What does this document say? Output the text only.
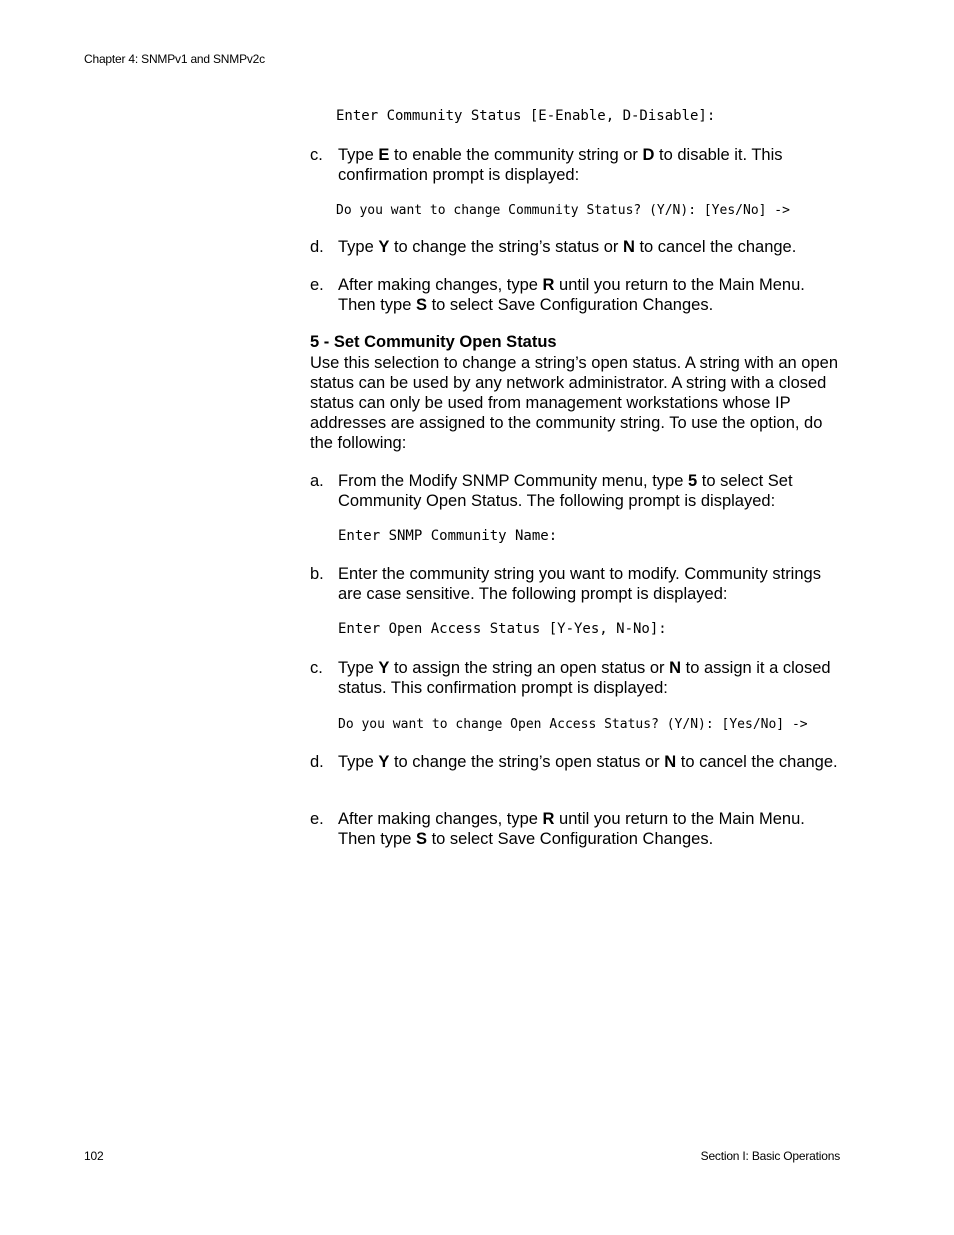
Chapter 4: SNMPv1 and SNMPv2c
Enter Community Status [E-Enable, D-Disable]:
c. Type E to enable the community string or D to disable it. This confirmation prompt is displayed:
Do you want to change Community Status? (Y/N): [Yes/No] ->
d. Type Y to change the string’s status or N to cancel the change.
e. After making changes, type R until you return to the Main Menu. Then type S to select Save Configuration Changes.
5 - Set Community Open Status
Use this selection to change a string’s open status. A string with an open status can be used by any network administrator. A string with a closed status can only be used from management workstations whose IP addresses are assigned to the community string. To use the option, do the following:
a. From the Modify SNMP Community menu, type 5 to select Set Community Open Status. The following prompt is displayed:
Enter SNMP Community Name:
b. Enter the community string you want to modify. Community strings are case sensitive. The following prompt is displayed:
Enter Open Access Status [Y-Yes, N-No]:
c. Type Y to assign the string an open status or N to assign it a closed status. This confirmation prompt is displayed:
Do you want to change Open Access Status? (Y/N): [Yes/No] ->
d. Type Y to change the string’s open status or N to cancel the change.
e. After making changes, type R until you return to the Main Menu. Then type S to select Save Configuration Changes.
102	Section I: Basic Operations
